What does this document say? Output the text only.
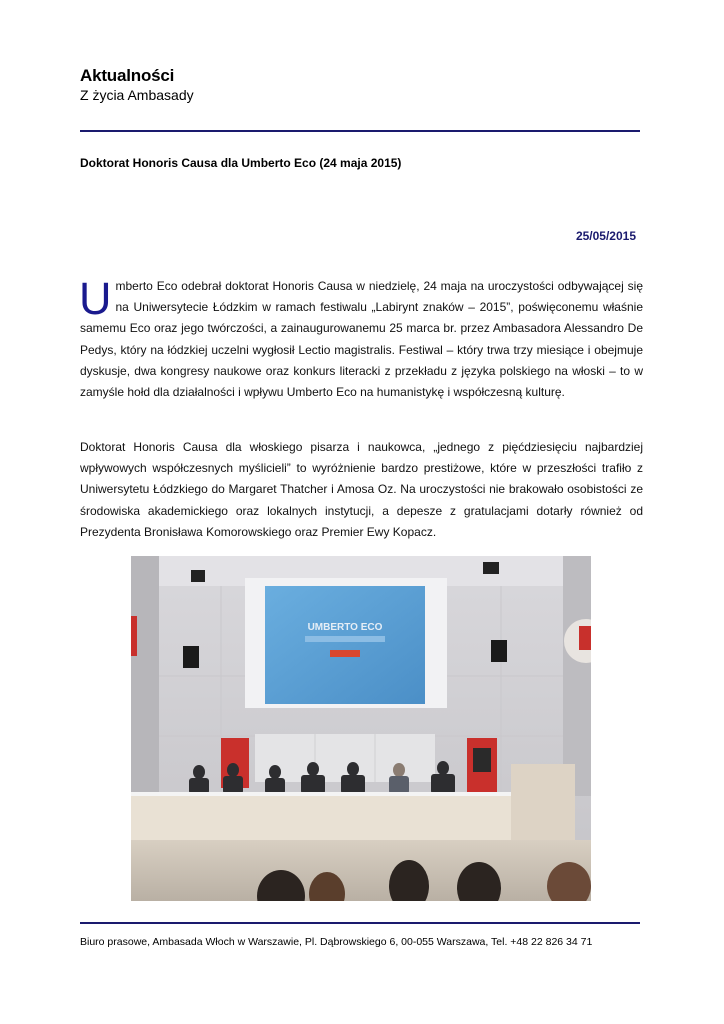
Aktualności
Z życia Ambasady
Doktorat Honoris Causa dla Umberto Eco (24 maja 2015)
25/05/2015
Umberto Eco odebrał doktorat Honoris Causa w niedzielę, 24 maja na uroczystości odbywającej się na Uniwersytecie Łódzkim w ramach festiwalu „Labirynt znaków – 2015”, poświęconemu właśnie samemu Eco oraz jego twórczości, a zainaugurowanemu 25 marca br. przez Ambasadora Alessandro De Pedys, który na łódzkiej uczelni wygłosił Lectio magistralis. Festiwal – który trwa trzy miesiące i obejmuje dyskusje, dwa kongresy naukowe oraz konkurs literacki z przekładu z języka polskiego na włoski – to w zamyśle hołd dla działalności i wpływu Umberto Eco na humanistykę i współczesną kulturę.
Doktorat Honoris Causa dla włoskiego pisarza i naukowca, „jednego z pięćdziesięciu najbardziej wpływowych współczesnych myślicieli” to wyróżnienie bardzo prestiżowe, które w przeszłości trafiło z Uniwersytetu Łódzkiego do Margaret Thatcher i Amosa Oz. Na uroczystości nie brakowało osobistości ze środowiska akademickiego oraz lokalnych instytucji, a depesze z gratulacjami dotarły również od Prezydenta Bronisława Komorowskiego oraz Premier Ewy Kopacz.
UMBERTO ECO
Biuro prasowe, Ambasada Włoch w Warszawie, Pl. Dąbrowskiego 6, 00-055 Warszawa, Tel. +48 22 826 34 71
